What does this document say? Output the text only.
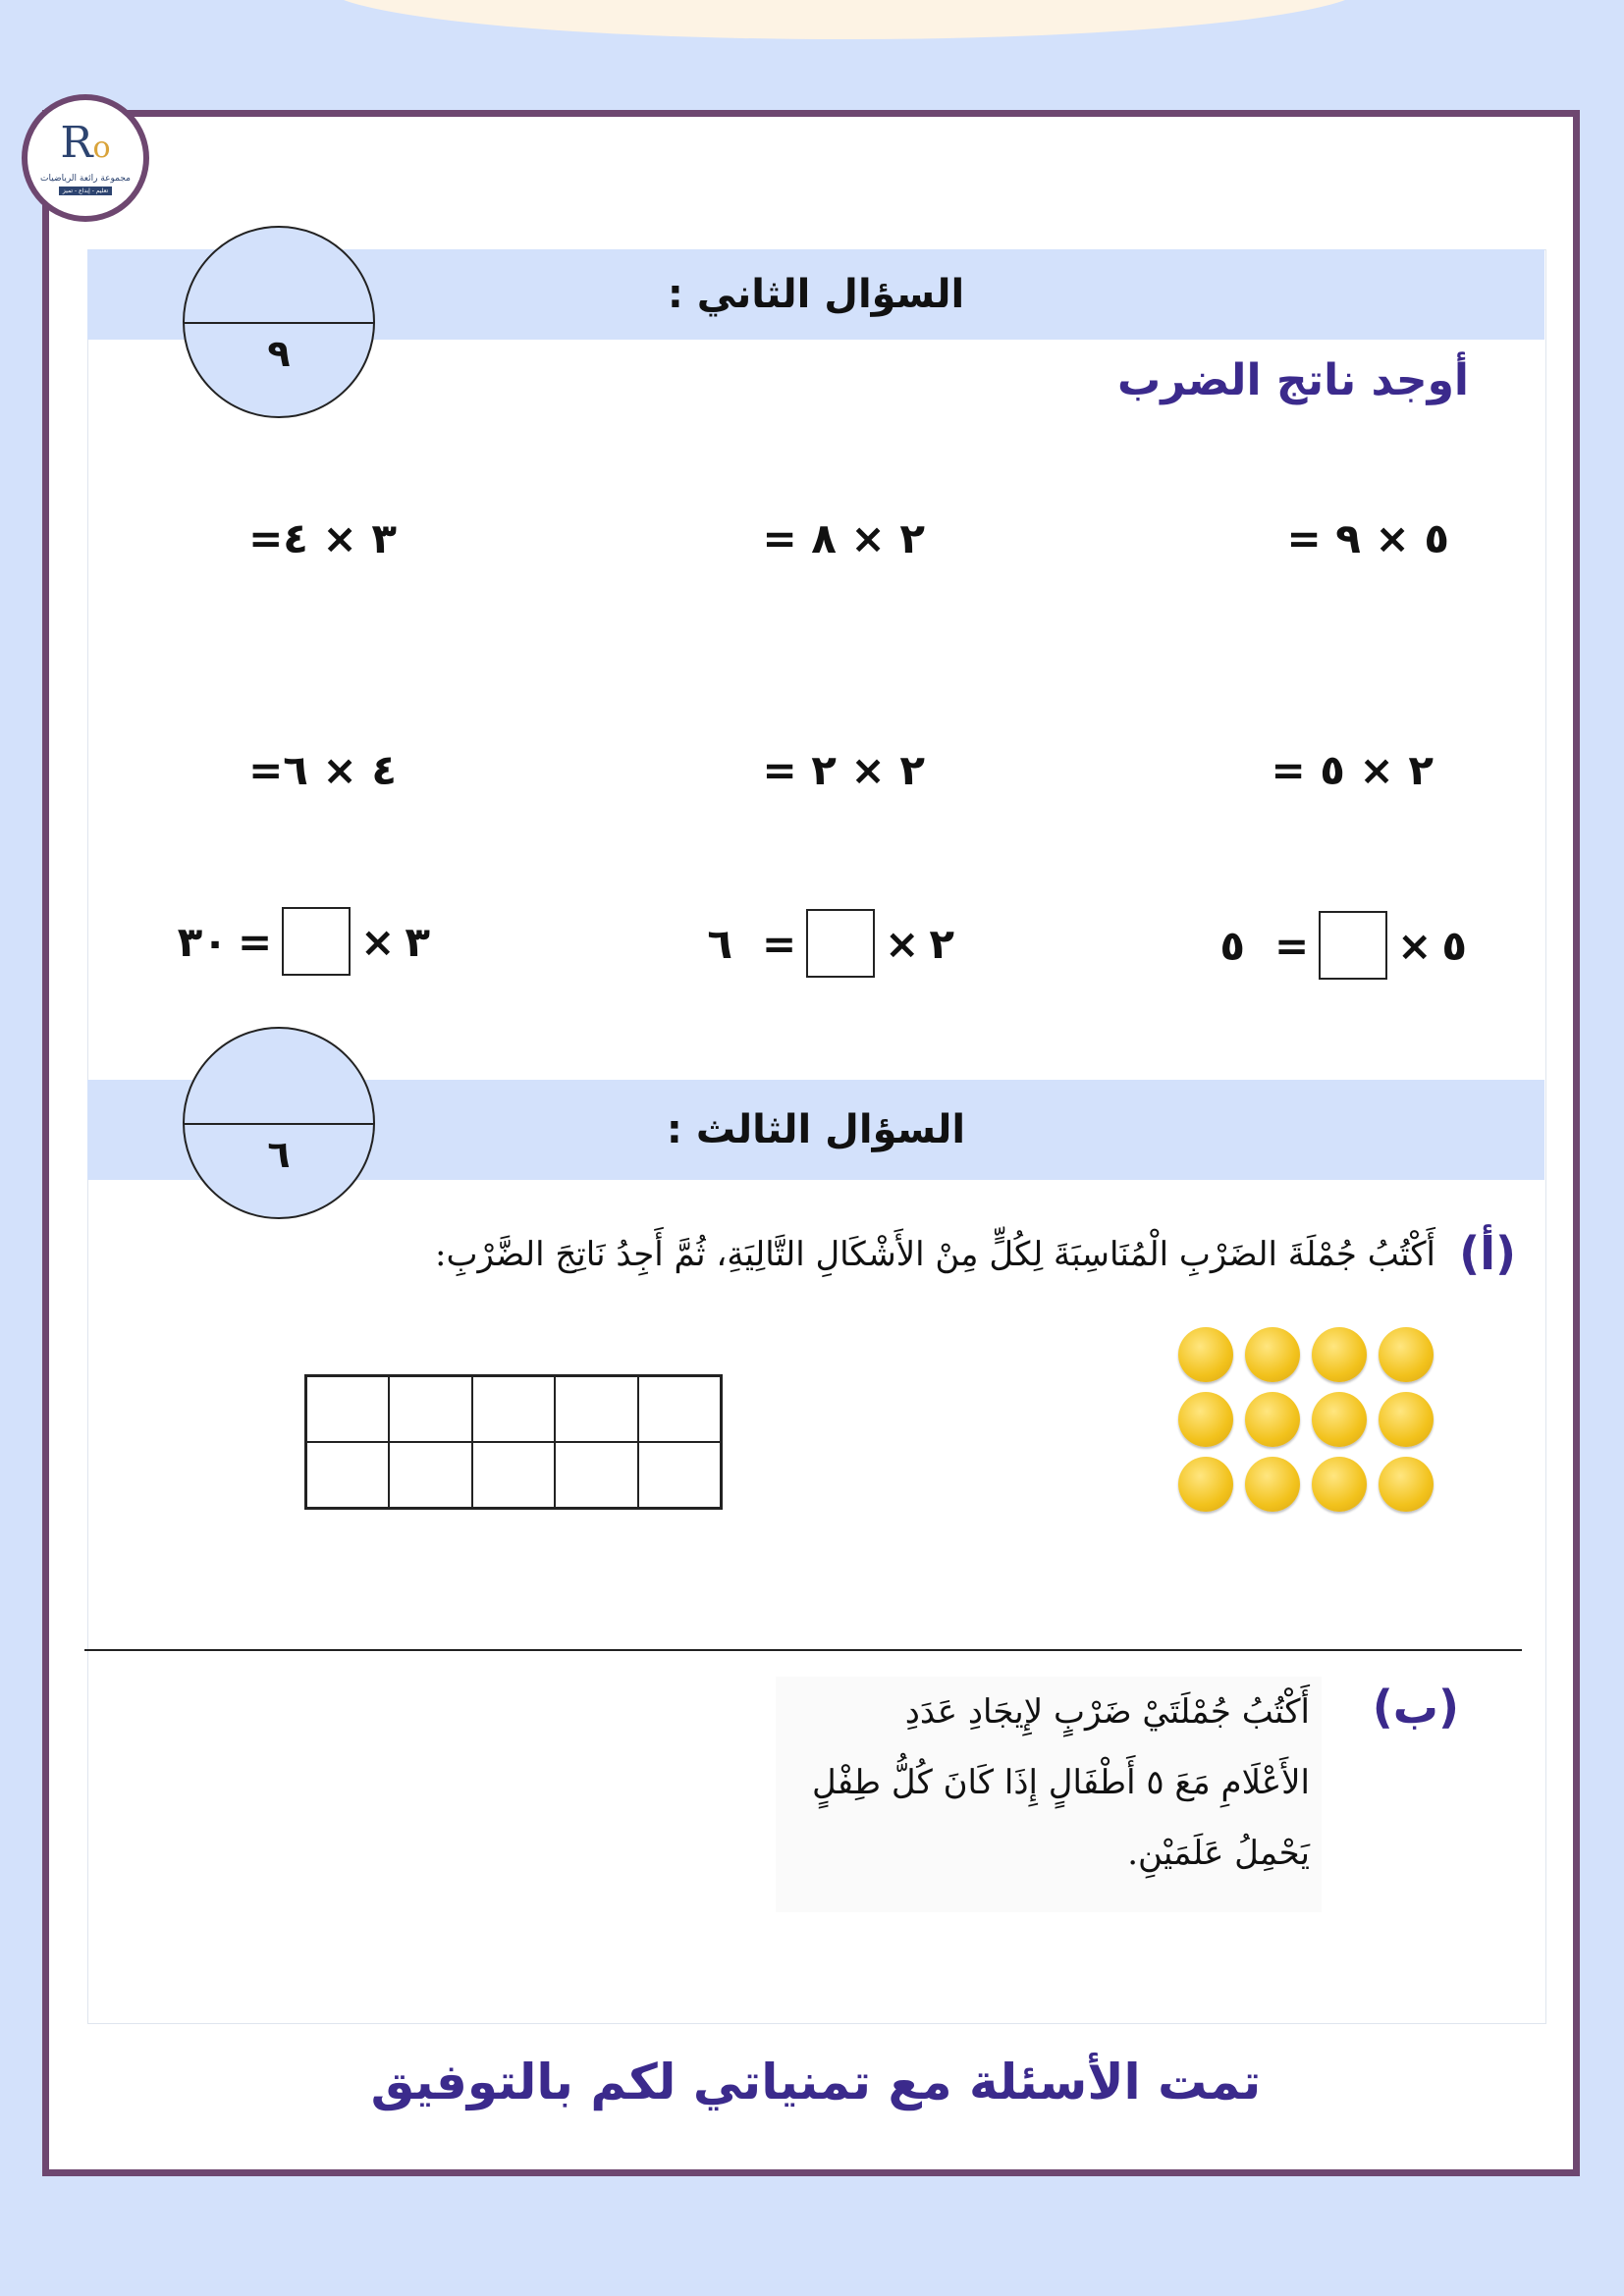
Ro
مجموعة رائعة الرياضيات
تعليم - إبداع - تميز
السؤال الثاني :
٩
أوجد ناتج الضرب
٥ × ٩ =
٢ × ٨ =
٣ × ٤=
٢ × ٥ =
٢ × ٢ =
٤ × ٦=
٥
×
=
٥
٢
×
=
٦
٣
×
=
٣٠
السؤال الثالث :
٦
(أ)
أَكْتُبُ جُمْلَةَ الضَرْبِ الْمُنَاسِبَةَ لِكُلٍّ مِنْ الأَشْكَالِ التَّالِيَةِ، ثُمَّ أَجِدُ نَاتِجَ الضَّرْبِ:
(ب)
أَكْتُبُ جُمْلَتَيْ ضَرْبٍ لإِيجَادِ عَدَدِ
الأَعْلَامِ مَعَ ٥ أَطْفَالٍ إِذَا كَانَ كُلُّ طِفْلٍ
يَحْمِلُ عَلَمَيْنِ.
تمت الأسئلة مع تمنياتي لكم بالتوفيق
